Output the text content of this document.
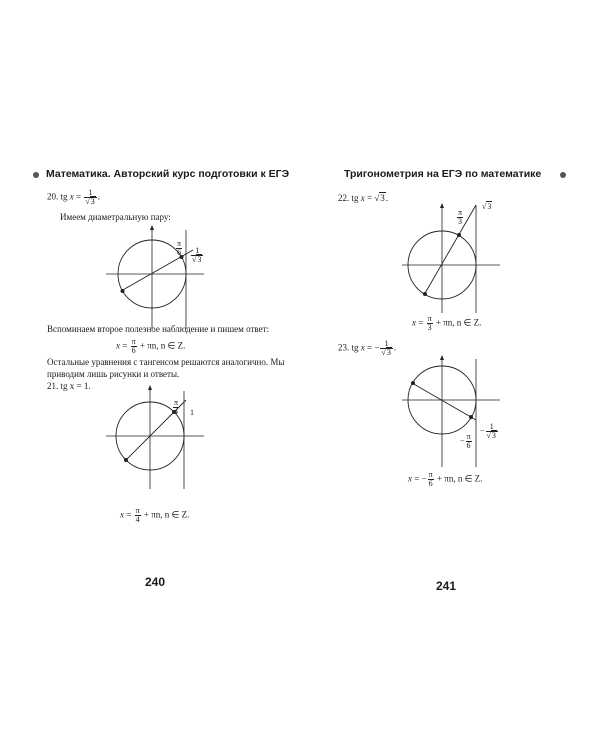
Математика. Авторский курс подготовки к ЕГЭ
20. tg $x = \frac{1}{√3}$ .
Имеем диаметральную пару:
$\frac{\pi}{6} \frac{1}{√3}$
Вспоминаем второе полезное наблюдение и пишем ответ:
$x = \frac{\pi}{6} + \pi n$, n ∈ Z.
Остальные уравнения с тангенсом решаются аналогично. Мы
приводим лишь рисунки и ответы.
21. tg x = 1.
$\frac{\pi}{4} 1$
$x = \frac{\pi}{4} + \pi n$, n ∈ Z.
240
Тригонометрия на ЕГЭ по математике
22. tg x = √3.
$\frac{\pi}{3}$
√3
$x = \frac{\pi}{3} + \pi n$, n ∈ Z.
23. tg x = − $\frac{1}{√3}$ .
− $\frac{1}{√3}$
− $\frac{\pi}{6}$
x = − $\frac{\pi}{6} + \pi n$, n ∈ Z.
241
